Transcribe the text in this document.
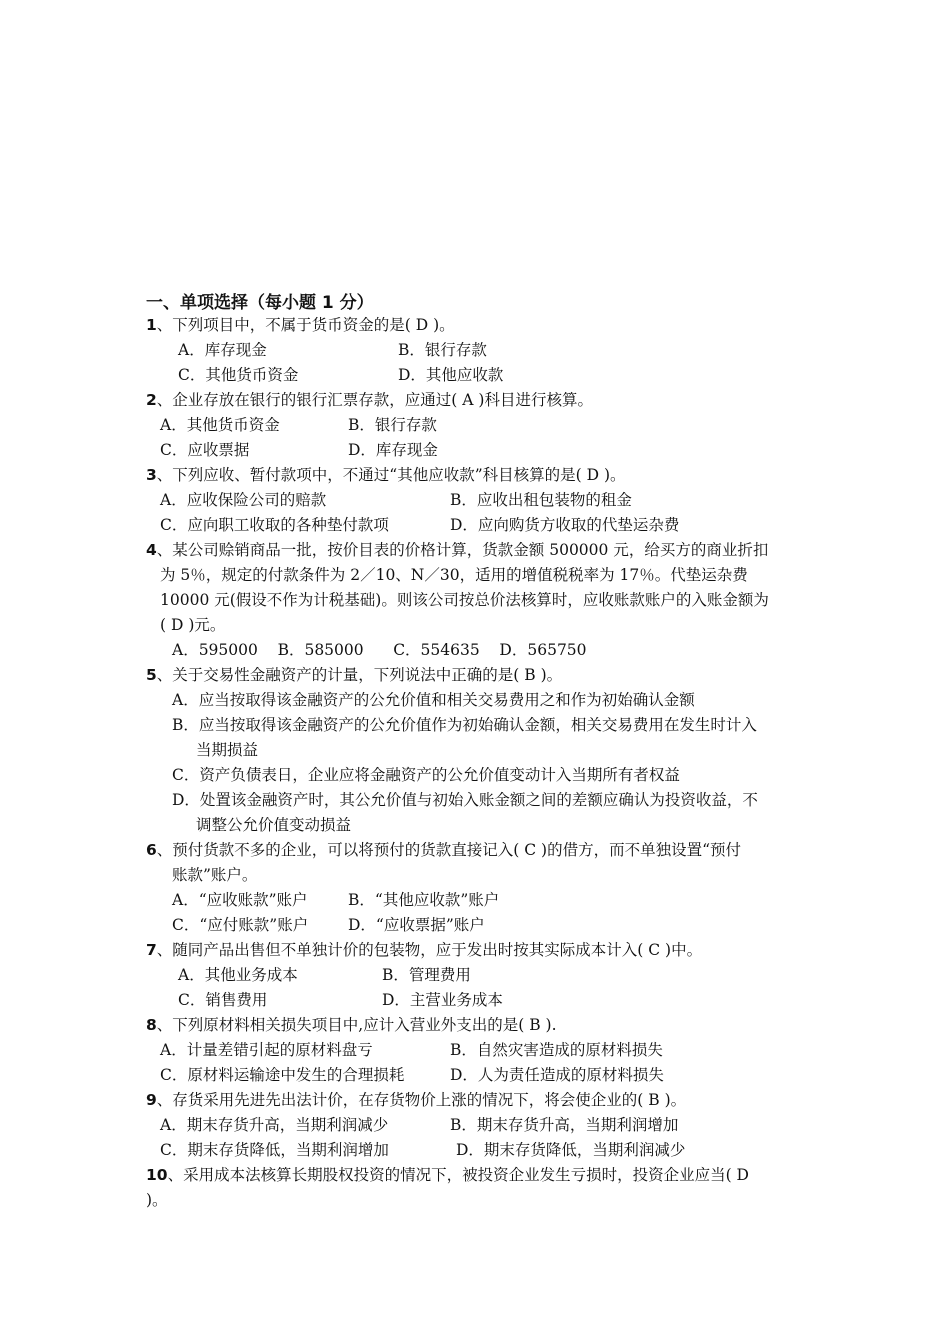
一、单项选择（每小题 1 分）
1、下列项目中，不属于货币资金的是( D )。
A．库存现金	B．银行存款
C．其他货币资金	D．其他应收款
2、企业存放在银行的银行汇票存款，应通过( A )科目进行核算。
A．其他货币资金	B．银行存款
C．应收票据	D．库存现金
3、下列应收、暂付款项中，不通过“其他应收款”科目核算的是( D )。
A．应收保险公司的赔款	B．应收出租包装物的租金
C．应向职工收取的各种垫付款项	D．应向购货方收取的代垫运杂费
4、某公司赊销商品一批，按价目表的价格计算，货款金额 500000 元，给买方的商业折扣
为 5％，规定的付款条件为 2／10、N／30，适用的增值税税率为 17％。代垫运杂费
10000 元(假设不作为计税基础)。则该公司按总价法核算时，应收账款账户的入账金额为
( D )元。
A．595000    B．585000      C．554635    D．565750
5、关于交易性金融资产的计量，下列说法中正确的是( B )。
A．应当按取得该金融资产的公允价值和相关交易费用之和作为初始确认金额
B．应当按取得该金融资产的公允价值作为初始确认金额，相关交易费用在发生时计入
当期损益
C．资产负债表日，企业应将金融资产的公允价值变动计入当期所有者权益
D．处置该金融资产时，其公允价值与初始入账金额之间的差额应确认为投资收益，不
调整公允价值变动损益
6、预付货款不多的企业，可以将预付的货款直接记入( C )的借方，而不单独设置“预付
账款”账户。
A．“应收账款”账户	B．“其他应收款”账户
C．“应付账款”账户	D．“应收票据”账户
7、随同产品出售但不单独计价的包装物，应于发出时按其实际成本计入( C )中。
A．其他业务成本	B．管理费用
C．销售费用	D．主营业务成本
8、下列原材料相关损失项目中,应计入营业外支出的是( B ).
A．计量差错引起的原材料盘亏	B．自然灾害造成的原材料损失
C．原材料运输途中发生的合理损耗	D．人为责任造成的原材料损失
9、存货采用先进先出法计价，在存货物价上涨的情况下，将会使企业的( B )。
A．期末存货升高，当期利润减少	B．期末存货升高，当期利润增加
C．期末存货降低，当期利润增加	D．期末存货降低，当期利润减少
10、采用成本法核算长期股权投资的情况下，被投资企业发生亏损时，投资企业应当( D
)。
